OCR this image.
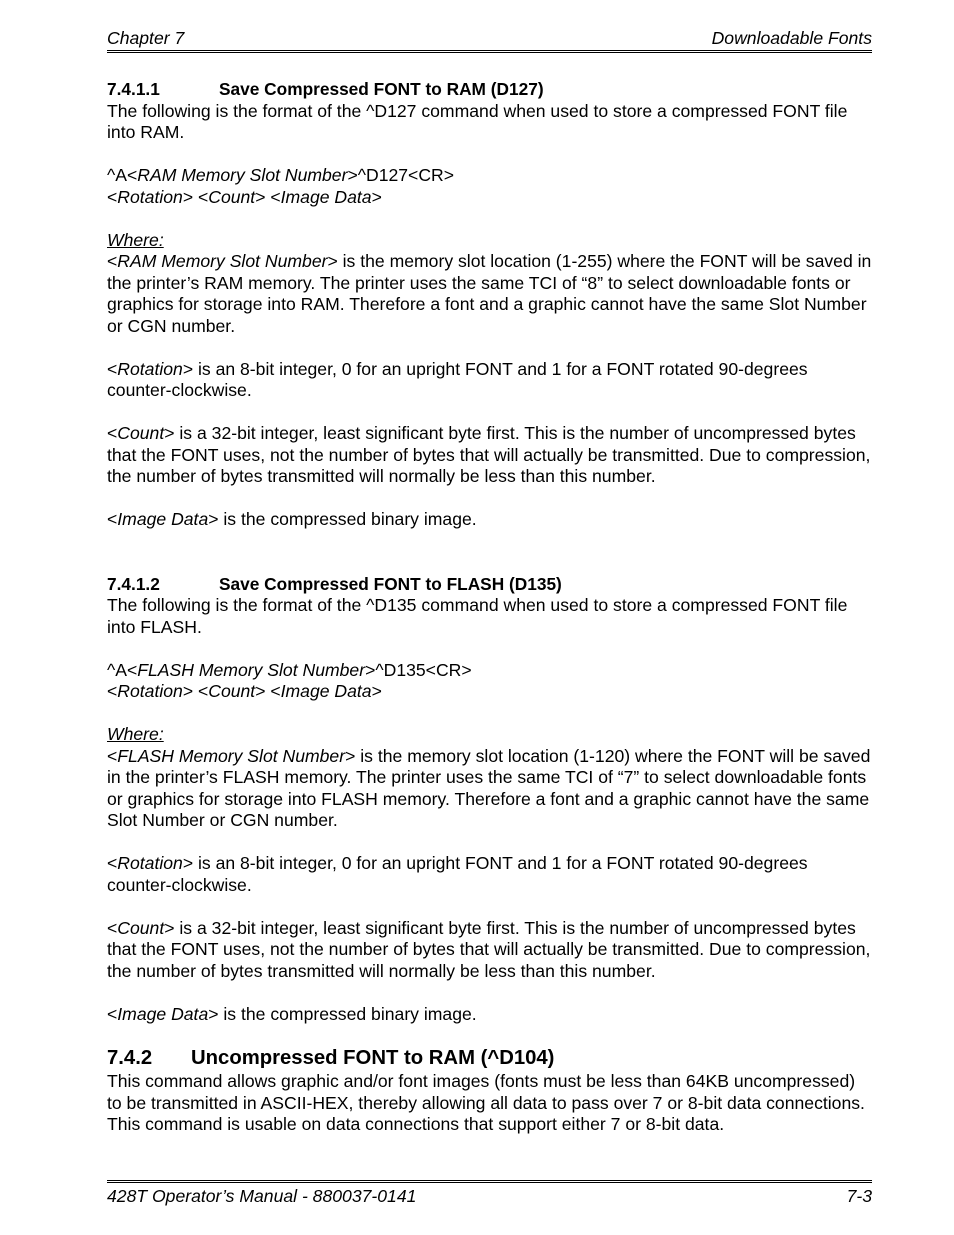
Chapter 7	Downloadable Fonts
7.4.1.1	Save Compressed FONT to RAM (D127)

The following is the format of the ^D127 command when used to store a compressed FONT file into RAM.

^A<RAM Memory Slot Number>^D127<CR>

<Rotation> <Count> <Image Data>

Where:

<RAM Memory Slot Number> is the memory slot location (1-255) where the FONT will be saved in the printer’s RAM memory. The printer uses the same TCI of “8” to select downloadable fonts or graphics for storage into RAM. Therefore a font and a graphic cannot have the same Slot Number or CGN number.

<Rotation> is an 8-bit integer, 0 for an upright FONT and 1 for a FONT rotated 90-degrees counter-clockwise.

<Count> is a 32-bit integer, least significant byte first. This is the number of uncompressed bytes that the FONT uses, not the number of bytes that will actually be transmitted. Due to compression, the number of bytes transmitted will normally be less than this number.

<Image Data> is the compressed binary image.

7.4.1.2	Save Compressed FONT to FLASH (D135)

The following is the format of the ^D135 command when used to store a compressed FONT file into FLASH.

^A<FLASH Memory Slot Number>^D135<CR>

<Rotation> <Count> <Image Data>

Where:

<FLASH Memory Slot Number> is the memory slot location (1-120) where the FONT will be saved in the printer’s FLASH memory. The printer uses the same TCI of “7” to select downloadable fonts or graphics for storage into FLASH memory. Therefore a font and a graphic cannot have the same Slot Number or CGN number.

<Rotation> is an 8-bit integer, 0 for an upright FONT and 1 for a FONT rotated 90-degrees counter-clockwise.

<Count> is a 32-bit integer, least significant byte first. This is the number of uncompressed bytes that the FONT uses, not the number of bytes that will actually be transmitted. Due to compression, the number of bytes transmitted will normally be less than this number.

<Image Data> is the compressed binary image.

7.4.2	Uncompressed FONT to RAM (^D104)

This command allows graphic and/or font images (fonts must be less than 64KB uncompressed) to be transmitted in ASCII-HEX, thereby allowing all data to pass over 7 or 8-bit data connections. This command is usable on data connections that support either 7 or 8-bit data.

428T Operator’s Manual - 880037-0141	7-3
